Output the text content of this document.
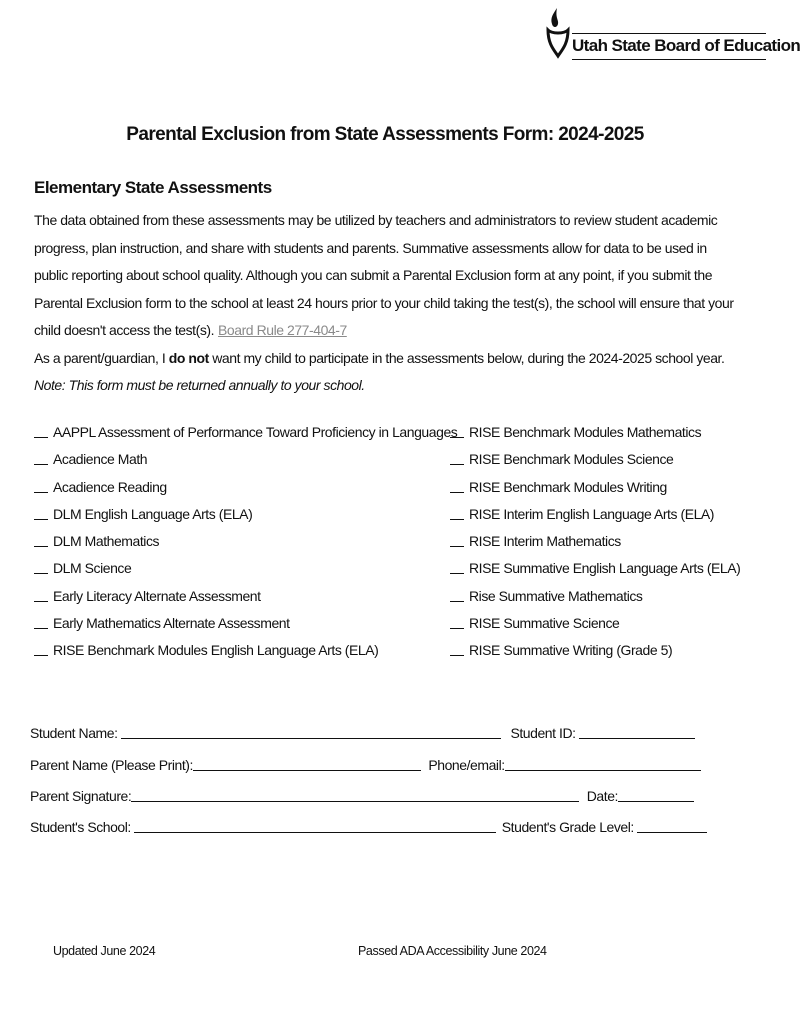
Utah State Board of Education
Parental Exclusion from State Assessments Form: 2024-2025
Elementary State Assessments

The data obtained from these assessments may be utilized by teachers and administrators to review student academic progress, plan instruction, and share with students and parents. Summative assessments allow for data to be used in public reporting about school quality. Although you can submit a Parental Exclusion form at any point, if you submit the Parental Exclusion form to the school at least 24 hours prior to your child taking the test(s), the school will ensure that your child doesn't access the test(s). Board Rule 277-404-7

As a parent/guardian, I do not want my child to participate in the assessments below, during the 2024-2025 school year.

Note: This form must be returned annually to your school.

AAPPL Assessment of Performance Toward Proficiency in Languages
Acadience Math
Acadience Reading
DLM English Language Arts (ELA)
DLM Mathematics
DLM Science
Early Literacy Alternate Assessment
Early Mathematics Alternate Assessment
RISE Benchmark Modules English Language Arts (ELA)
RISE Benchmark Modules Mathematics
RISE Benchmark Modules Science
RISE Benchmark Modules Writing
RISE Interim English Language Arts (ELA)
RISE Interim Mathematics
RISE Summative English Language Arts (ELA)
Rise Summative Mathematics
RISE Summative Science
RISE Summative Writing (Grade 5)
Student Name:	Student ID:
Parent Name (Please Print):	Phone/email:
Parent Signature:	Date:
Student's School:	Student's Grade Level:
Updated June 2024	Passed ADA Accessibility June 2024
